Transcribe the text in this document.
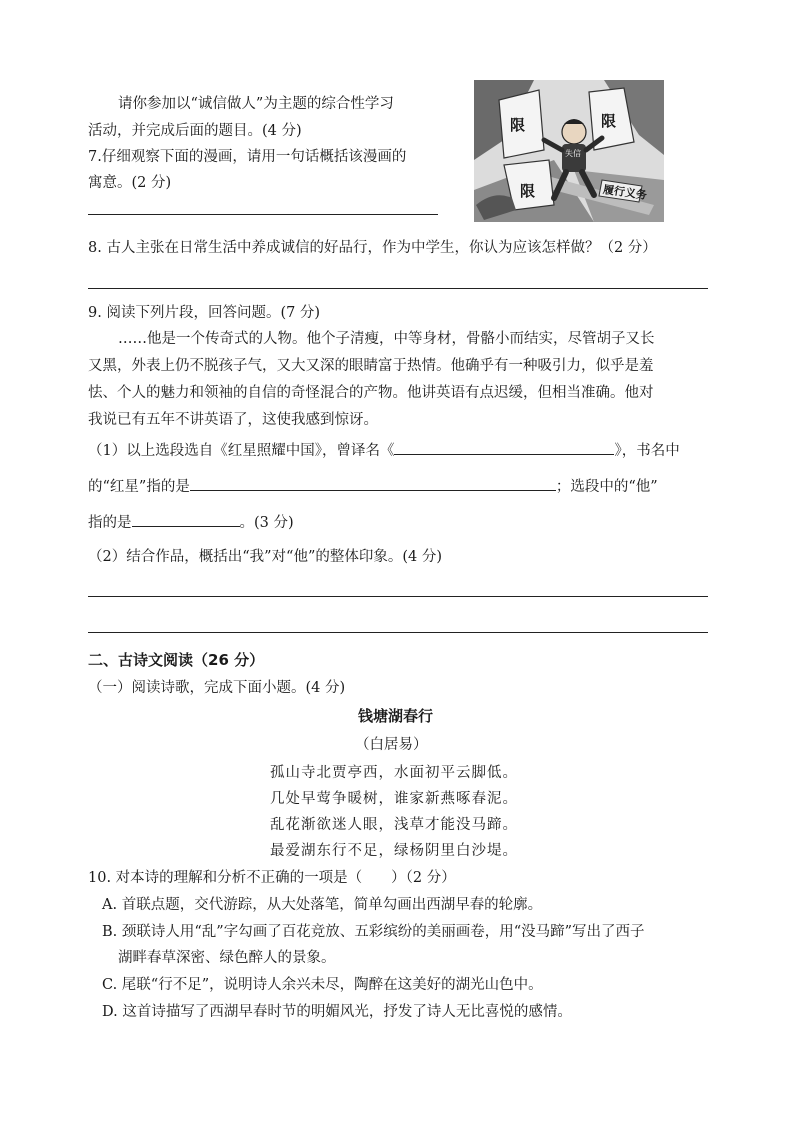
请你参加以“诚信做人”为主题的综合性学习
活动，并完成后面的题目。(4 分)
7.仔细观察下面的漫画，请用一句话概括该漫画的
寓意。(2 分)
限	限
限
失信
履行义务
8. 古人主张在日常生活中养成诚信的好品行，作为中学生，你认为应该怎样做？（2 分）
9. 阅读下列片段，回答问题。(7 分)
……他是一个传奇式的人物。他个子清瘦，中等身材，骨骼小而结实，尽管胡子又长
又黑，外表上仍不脱孩子气，又大又深的眼睛富于热情。他确乎有一种吸引力，似乎是羞
怯、个人的魅力和领袖的自信的奇怪混合的产物。他讲英语有点迟缓，但相当准确。他对
我说已有五年不讲英语了，这使我感到惊讶。
（1）以上选段选自《红星照耀中国》，曾译名《	》，书名中
的“红星”指的是	；选段中的“他”
指的是	。(3 分)
（2）结合作品，概括出“我”对“他”的整体印象。(4 分)
二、古诗文阅读（26 分）
（一）阅读诗歌，完成下面小题。(4 分)
钱塘湖春行
（白居易）
孤山寺北贾亭西，水面初平云脚低。
几处早莺争暖树，谁家新燕啄春泥。
乱花渐欲迷人眼，浅草才能没马蹄。
最爱湖东行不足，绿杨阴里白沙堤。
10. 对本诗的理解和分析不正确的一项是（　　）（2 分）
A. 首联点题，交代游踪，从大处落笔，简单勾画出西湖早春的轮廓。
B. 颈联诗人用“乱”字勾画了百花竞放、五彩缤纷的美丽画卷，用“没马蹄”写出了西子
湖畔春草深密、绿色醉人的景象。
C. 尾联“行不足”，说明诗人余兴未尽，陶醉在这美好的湖光山色中。
D. 这首诗描写了西湖早春时节的明媚风光，抒发了诗人无比喜悦的感情。
